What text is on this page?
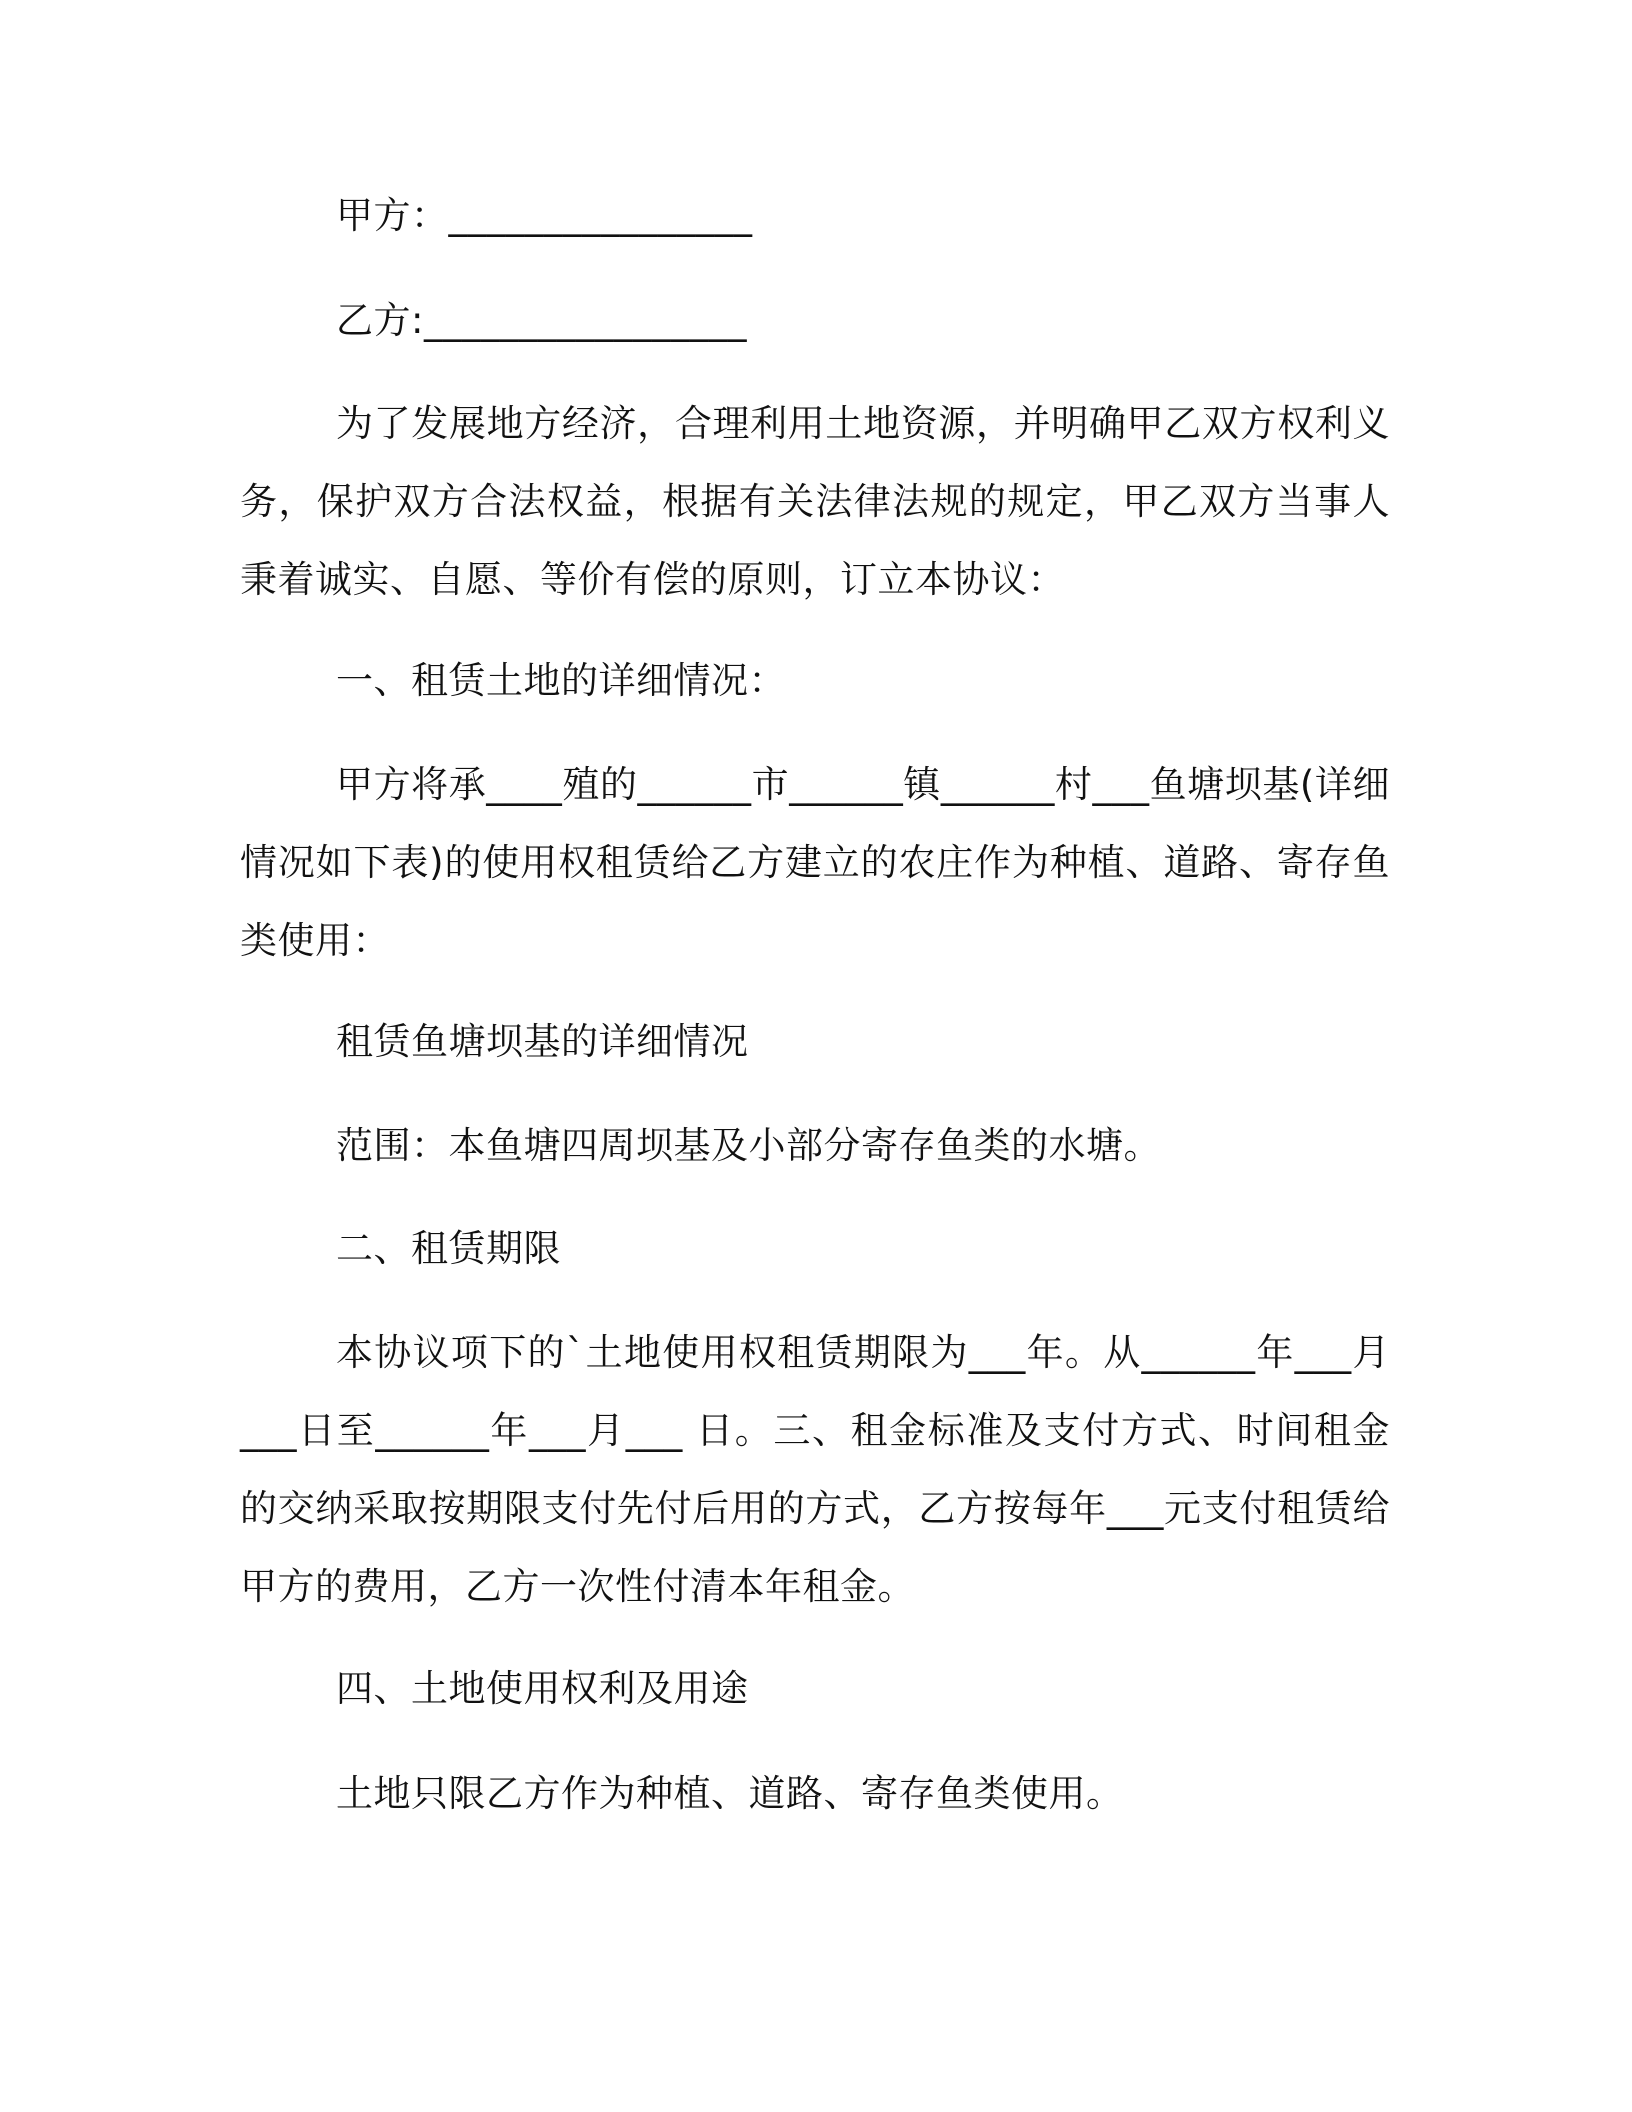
甲方：________________
乙方:_________________
为了发展地方经济，合理利用土地资源，并明确甲乙双方权利义务，保护双方合法权益，根据有关法律法规的规定，甲乙双方当事人秉着诚实、自愿、等价有偿的原则，订立本协议：
一、租赁土地的详细情况：
甲方将承____殖的______市______镇______村___鱼塘坝基(详细情况如下表)的使用权租赁给乙方建立的农庄作为种植、道路、寄存鱼类使用：
租赁鱼塘坝基的详细情况
范围：本鱼塘四周坝基及小部分寄存鱼类的水塘。
二、租赁期限
本协议项下的`土地使用权租赁期限为___年。从______年___月___日至______年___月___ 日。三、租金标准及支付方式、时间租金的交纳采取按期限支付先付后用的方式，乙方按每年___元支付租赁给甲方的费用，乙方一次性付清本年租金。
四、土地使用权利及用途
土地只限乙方作为种植、道路、寄存鱼类使用。
